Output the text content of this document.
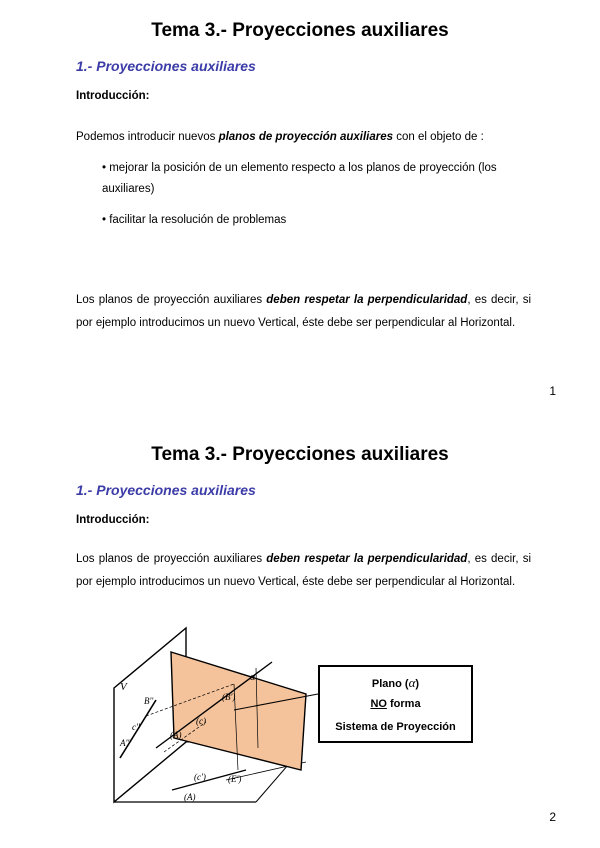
Tema 3.- Proyecciones auxiliares

1.- Proyecciones auxiliares

Introducción:

Podemos introducir nuevos planos de proyección auxiliares con el objeto de :

• mejorar la posición de un elemento respecto a los planos de proyección (los auxiliares)

• facilitar la resolución de problemas

Los planos de proyección auxiliares deben respetar la perpendicularidad, es decir, si por ejemplo introducimos un nuevo Vertical, éste debe ser perpendicular al Horizontal.

1
Tema 3.- Proyecciones auxiliares

1.- Proyecciones auxiliares

Introducción:

Los planos de proyección auxiliares deben respetar la perpendicularidad, es decir, si por ejemplo introducimos un nuevo Vertical, éste debe ser perpendicular al Horizontal.

V
B''
c''
A''
(B')
(c)
(A)
(c') (E')
(A)
α
Plano (α)
NO forma
Sistema de Proyección
2
